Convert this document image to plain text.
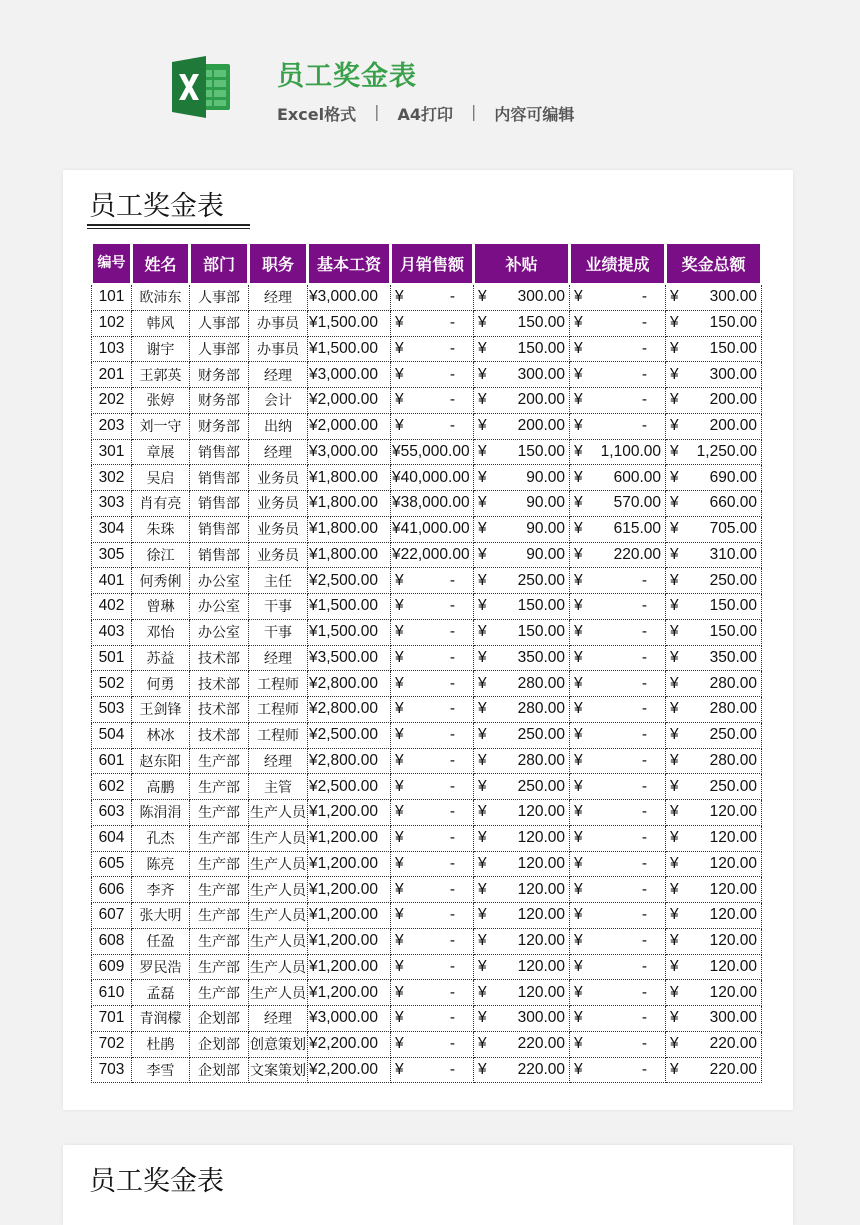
员工奖金表
Excel格式	|	A4打印	|	内容可编辑
员工奖金表
编号	姓名	部门	职务	基本工资	月销售额	补贴	业绩提成	奖金总额
101	欧沛东	人事部	经理	¥3,000.00	¥ -	¥ 300.00	¥ -	¥ 300.00

102	韩风	人事部	办事员	¥1,500.00	¥ -	¥ 150.00	¥ -	¥ 150.00

103	谢宇	人事部	办事员	¥1,500.00	¥ -	¥ 150.00	¥ -	¥ 150.00

201	王郭英	财务部	经理	¥3,000.00	¥ -	¥ 300.00	¥ -	¥ 300.00

202	张婷	财务部	会计	¥2,000.00	¥ -	¥ 200.00	¥ -	¥ 200.00

203	刘一守	财务部	出纳	¥2,000.00	¥ -	¥ 200.00	¥ -	¥ 200.00

301	章展	销售部	经理	¥3,000.00	¥55,000.00	¥ 150.00	¥ 1,100.00	¥ 1,250.00

302	吴启	销售部	业务员	¥1,800.00	¥40,000.00	¥ 90.00	¥ 600.00	¥ 690.00

303	肖有亮	销售部	业务员	¥1,800.00	¥38,000.00	¥ 90.00	¥ 570.00	¥ 660.00

304	朱珠	销售部	业务员	¥1,800.00	¥41,000.00	¥ 90.00	¥ 615.00	¥ 705.00

305	徐江	销售部	业务员	¥1,800.00	¥22,000.00	¥ 90.00	¥ 220.00	¥ 310.00

401	何秀俐	办公室	主任	¥2,500.00	¥ -	¥ 250.00	¥ -	¥ 250.00

402	曾琳	办公室	干事	¥1,500.00	¥ -	¥ 150.00	¥ -	¥ 150.00

403	邓怡	办公室	干事	¥1,500.00	¥ -	¥ 150.00	¥ -	¥ 150.00

501	苏益	技术部	经理	¥3,500.00	¥ -	¥ 350.00	¥ -	¥ 350.00

502	何勇	技术部	工程师	¥2,800.00	¥ -	¥ 280.00	¥ -	¥ 280.00

503	王剑锋	技术部	工程师	¥2,800.00	¥ -	¥ 280.00	¥ -	¥ 280.00

504	林冰	技术部	工程师	¥2,500.00	¥ -	¥ 250.00	¥ -	¥ 250.00

601	赵东阳	生产部	经理	¥2,800.00	¥ -	¥ 280.00	¥ -	¥ 280.00

602	高鹏	生产部	主管	¥2,500.00	¥ -	¥ 250.00	¥ -	¥ 250.00

603	陈涓涓	生产部	生产人员	¥1,200.00	¥ -	¥ 120.00	¥ -	¥ 120.00

604	孔杰	生产部	生产人员	¥1,200.00	¥ -	¥ 120.00	¥ -	¥ 120.00

605	陈亮	生产部	生产人员	¥1,200.00	¥ -	¥ 120.00	¥ -	¥ 120.00

606	李齐	生产部	生产人员	¥1,200.00	¥ -	¥ 120.00	¥ -	¥ 120.00

607	张大明	生产部	生产人员	¥1,200.00	¥ -	¥ 120.00	¥ -	¥ 120.00

608	任盈	生产部	生产人员	¥1,200.00	¥ -	¥ 120.00	¥ -	¥ 120.00

609	罗民浩	生产部	生产人员	¥1,200.00	¥ -	¥ 120.00	¥ -	¥ 120.00

610	孟磊	生产部	生产人员	¥1,200.00	¥ -	¥ 120.00	¥ -	¥ 120.00

701	青润檬	企划部	经理	¥3,000.00	¥ -	¥ 300.00	¥ -	¥ 300.00

702	杜鹃	企划部	创意策划	¥2,200.00	¥ -	¥ 220.00	¥ -	¥ 220.00

703	李雪	企划部	文案策划	¥2,200.00	¥ -	¥ 220.00	¥ -	¥ 220.00
员工奖金表
